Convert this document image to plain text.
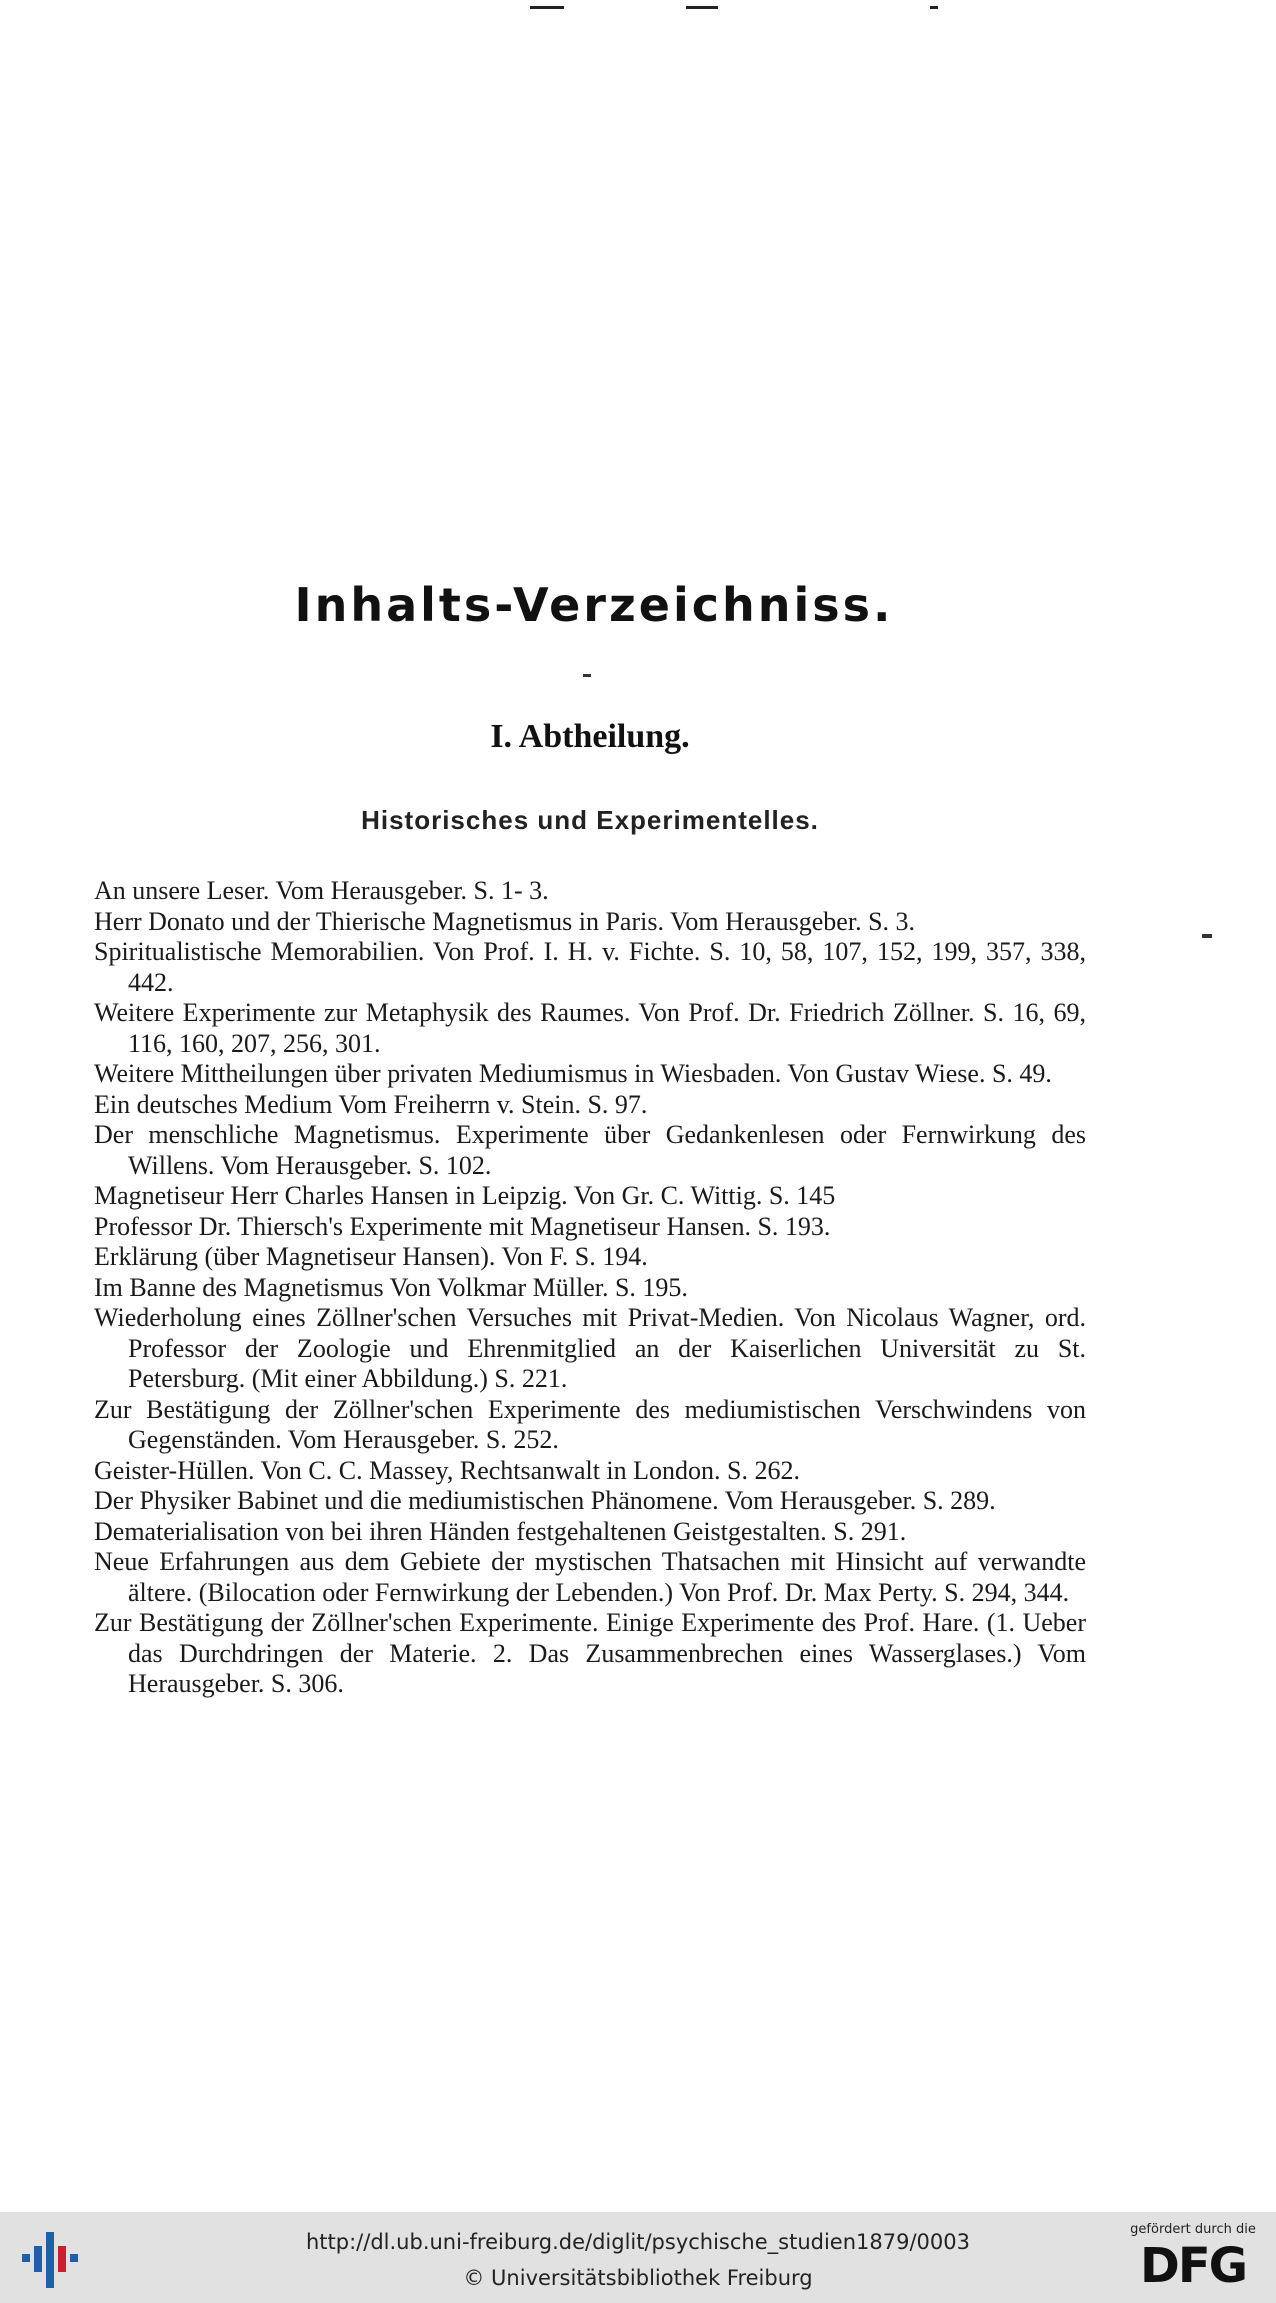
Inhalts-Verzeichniss.
I. Abtheilung.
Historisches und Experimentelles.
An unsere Leser. Vom Herausgeber. S. 1- 3.
Herr Donato und der Thierische Magnetismus in Paris. Vom Herausgeber. S. 3.
Spiritualistische Memorabilien. Von Prof. I. H. v. Fichte. S. 10, 58, 107, 152, 199, 357, 338, 442.
Weitere Experimente zur Metaphysik des Raumes. Von Prof. Dr. Friedrich Zöllner. S. 16, 69, 116, 160, 207, 256, 301.
Weitere Mittheilungen über privaten Mediumismus in Wiesbaden. Von Gustav Wiese. S. 49.
Ein deutsches Medium Vom Freiherrn v. Stein. S. 97.
Der menschliche Magnetismus. Experimente über Gedankenlesen oder Fernwirkung des Willens. Vom Herausgeber. S. 102.
Magnetiseur Herr Charles Hansen in Leipzig. Von Gr. C. Wittig. S. 145
Professor Dr. Thiersch's Experimente mit Magnetiseur Hansen. S. 193.
Erklärung (über Magnetiseur Hansen). Von F. S. 194.
Im Banne des Magnetismus Von Volkmar Müller. S. 195.
Wiederholung eines Zöllner'schen Versuches mit Privat-Medien. Von Nicolaus Wagner, ord. Professor der Zoologie und Ehrenmitglied an der Kaiserlichen Universität zu St. Petersburg. (Mit einer Abbildung.) S. 221.
Zur Bestätigung der Zöllner'schen Experimente des mediumistischen Verschwindens von Gegenständen. Vom Herausgeber. S. 252.
Geister-Hüllen. Von C. C. Massey, Rechtsanwalt in London. S. 262.
Der Physiker Babinet und die mediumistischen Phänomene. Vom Herausgeber. S. 289.
Dematerialisation von bei ihren Händen festgehaltenen Geistgestalten. S. 291.
Neue Erfahrungen aus dem Gebiete der mystischen Thatsachen mit Hinsicht auf verwandte ältere. (Bilocation oder Fernwirkung der Lebenden.) Von Prof. Dr. Max Perty. S. 294, 344.
Zur Bestätigung der Zöllner'schen Experimente. Einige Experimente des Prof. Hare. (1. Ueber das Durchdringen der Materie. 2. Das Zusammenbrechen eines Wasserglases.) Vom Herausgeber. S. 306.
http://dl.ub.uni-freiburg.de/diglit/psychische_studien1879/0003
© Universitätsbibliothek Freiburg
gefördert durch die
DFG
